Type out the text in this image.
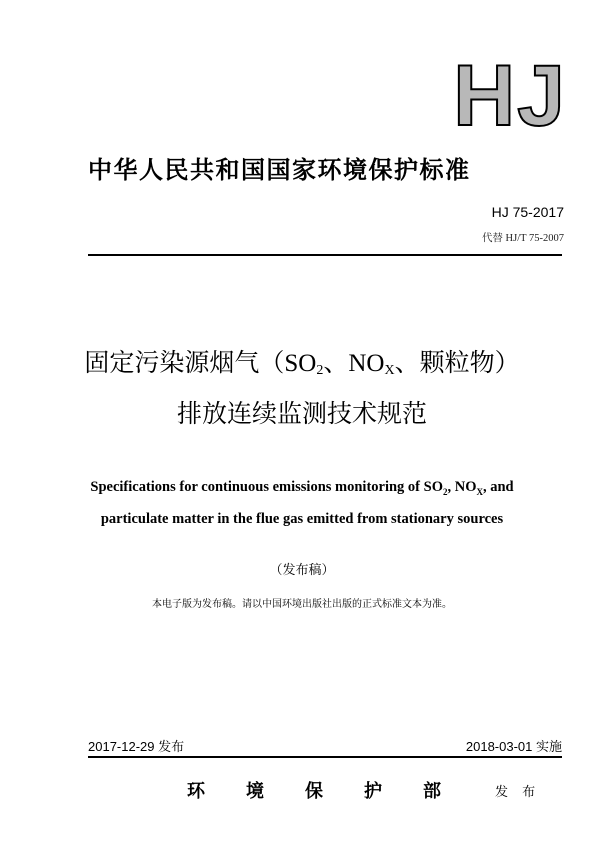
HJ
中华人民共和国国家环境保护标准
HJ 75-2017
代替 HJ/T 75-2007
固定污染源烟气（$SO_2$、$NO_X$、颗粒物）
排放连续监测技术规范
Specifications for continuous emissions monitoring of $SO_2$, $NO_X$, and
particulate matter in the flue gas emitted from stationary sources
（发布稿）
本电子版为发布稿。请以中国环境出版社出版的正式标准文本为准。
2017-12-29 发布	2018-03-01 实施
环	境	保	护	部	发 布
